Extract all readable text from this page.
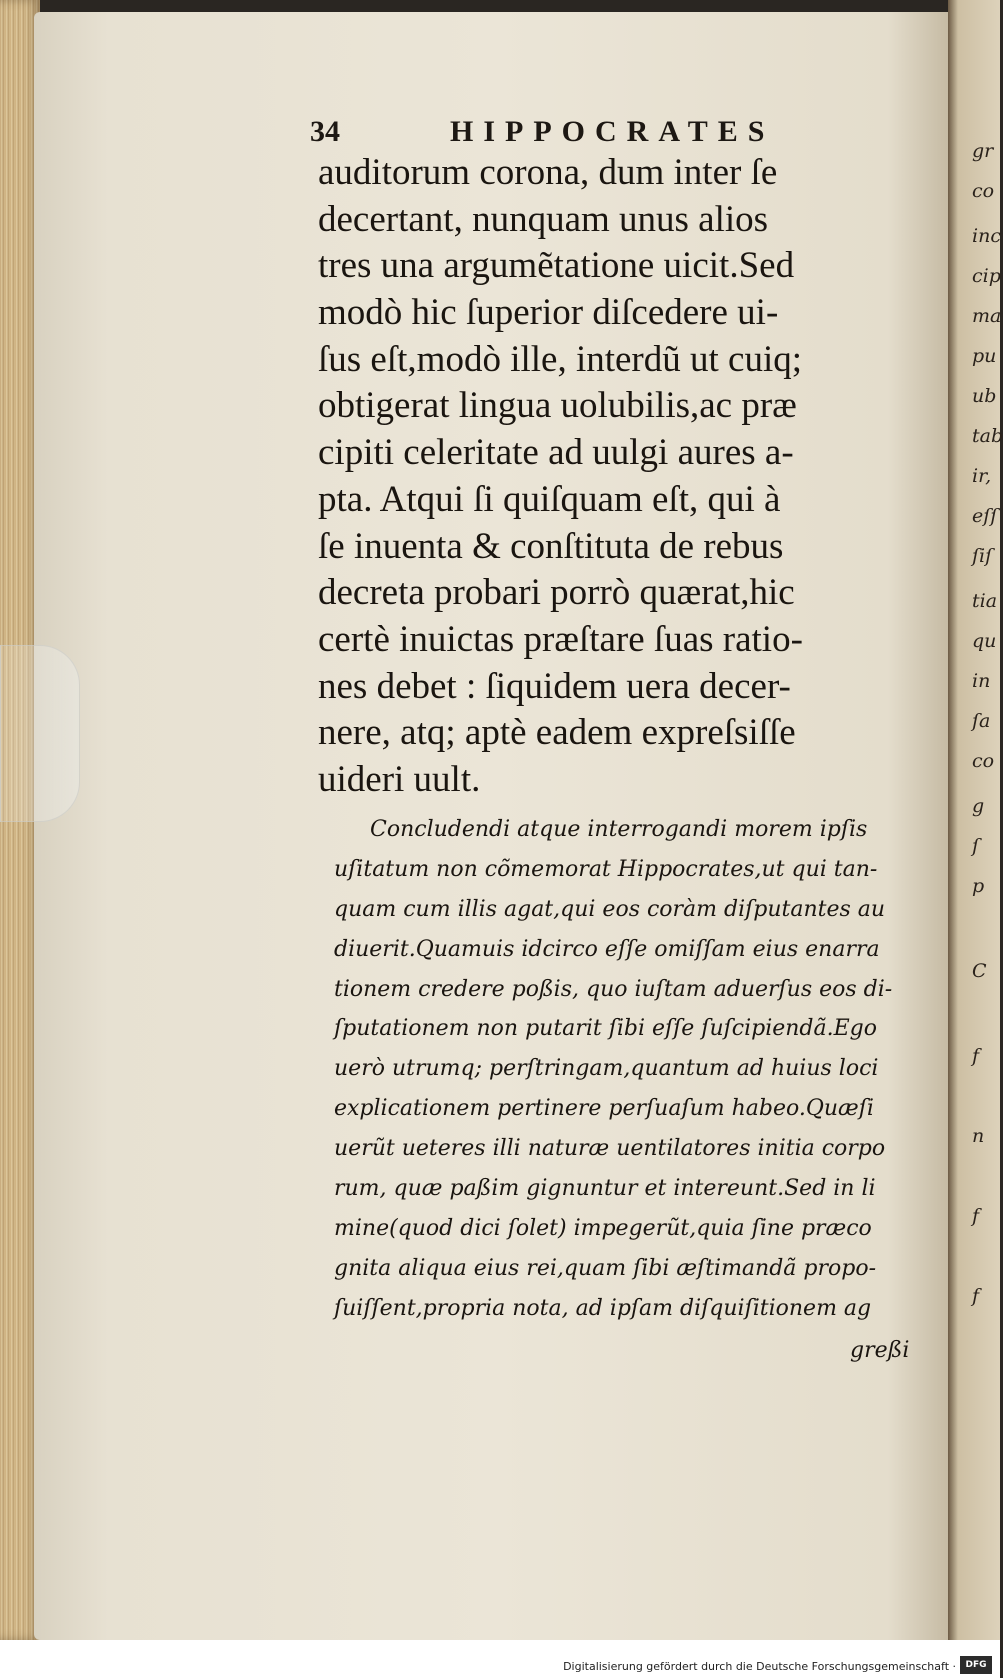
34	HIPPOCRATES
auditorum corona, dum inter ſe
decertant, nunquam unus alios
tres una argumẽtatione uicit.Sed
modò hic ſuperior diſcedere ui-
ſus eſt,modò ille, interdũ ut cuiq;
obtigerat lingua uolubilis,ac præ
cipiti celeritate ad uulgi aures a-
pta. Atqui ſi quiſquam eſt, qui à
ſe inuenta & conſtituta de rebus
decreta probari porrò quærat,hic
certè inuictas præſtare ſuas ratio-
nes debet : ſiquidem uera decer-
nere, atq; aptè eadem expreſsiſſe
uideri uult.
Concludendi atque interrogandi morem ipſis
uſitatum non cõmemorat Hippocrates,ut qui tan-
quam cum illis agat,qui eos coràm diſputantes au
diuerit.Quamuis idcirco eſſe omiſſam eius enarra
tionem credere poßis, quo iuſtam aduerſus eos di-
ſputationem non putarit ſibi eſſe ſuſcipiendã.Ego
uerò utrumq; perſtringam,quantum ad huius loci
explicationem pertinere perſuaſum habeo.Quæſi
uerũt ueteres illi naturæ uentilatores initia corpo
rum, quæ paßim gignuntur et intereunt.Sed in li
mine(quod dici ſolet) impegerũt,quia ſine præco
gnita aliqua eius rei,quam ſibi æſtimandã propo-
ſuiſſent,propria nota, ad ipſam diſquiſitionem ag
greßi
gr
co
inc
cip
ma
pu
ub
tab
ir,
eſſ
ſiſ
tia
qu
in
ſa
co
g
ſ
p
C
f
n
f
f
Digitalisierung gefördert durch die Deutsche Forschungsgemeinschaft ·	DFG
